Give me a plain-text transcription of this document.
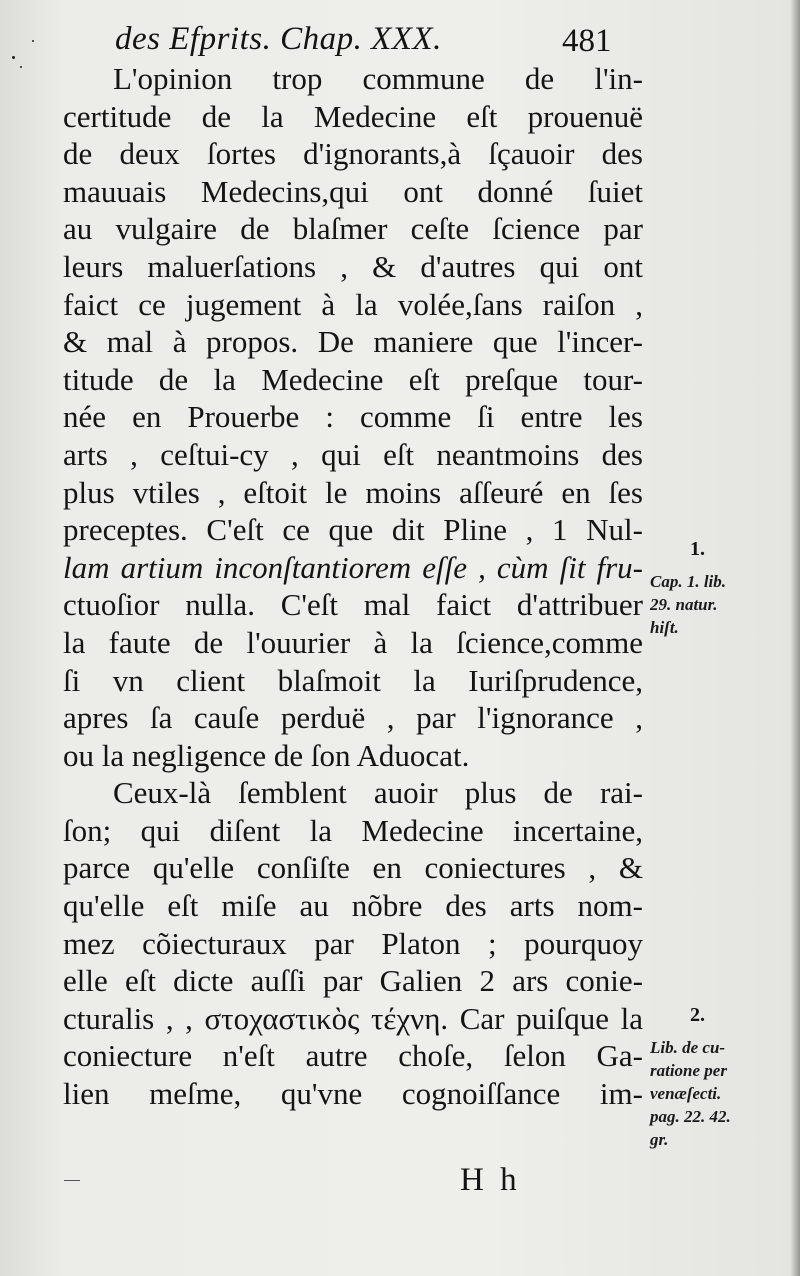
des Efprits. Chap. XXX.	481
L'opinion trop commune de l'in-
certitude de la Medecine eſt prouenuë
de deux ſortes d'ignorants,à ſçauoir des
mauuais Medecins,qui ont donné ſuiet
au vulgaire de blaſmer ceſte ſcience par
leurs maluerſations , & d'autres qui ont
faict ce jugement à la volée,ſans raiſon ,
& mal à propos. De maniere que l'incer-
titude de la Medecine eſt preſque tour-
née en Prouerbe : comme ſi entre les
arts , ceſtui-cy , qui eſt neantmoins des
plus vtiles , eſtoit le moins aſſeuré en ſes
preceptes. C'eſt ce que dit Pline , 1 Nul-
lam artium inconſtantiorem eſſe , cùm ſit fru-
ctuoſior nulla. C'eſt mal faict d'attribuer
la faute de l'ouurier à la ſcience,comme
ſi vn client blaſmoit la Iuriſprudence,
apres ſa cauſe perduë , par l'ignorance ,
ou la negligence de ſon Aduocat.
Ceux-là ſemblent auoir plus de rai-
ſon; qui diſent la Medecine incertaine,
parce qu'elle conſiſte en coniectures , &
qu'elle eſt miſe au nõbre des arts nom-
mez cõiecturaux par Platon ; pourquoy
elle eſt dicte auſſi par Galien 2 ars conie-
cturalis , , στοχαστικὸς τέχνη. Car puiſque la
coniecture n'eſt autre choſe, ſelon Ga-
lien meſme, qu'vne cognoiſſance im-
1.
Cap. 1. lib.
29. natur.
hiſt.
2.
Lib. de cu-
ratione per
venæſecti.
pag. 22. 42.
gr.
H h
